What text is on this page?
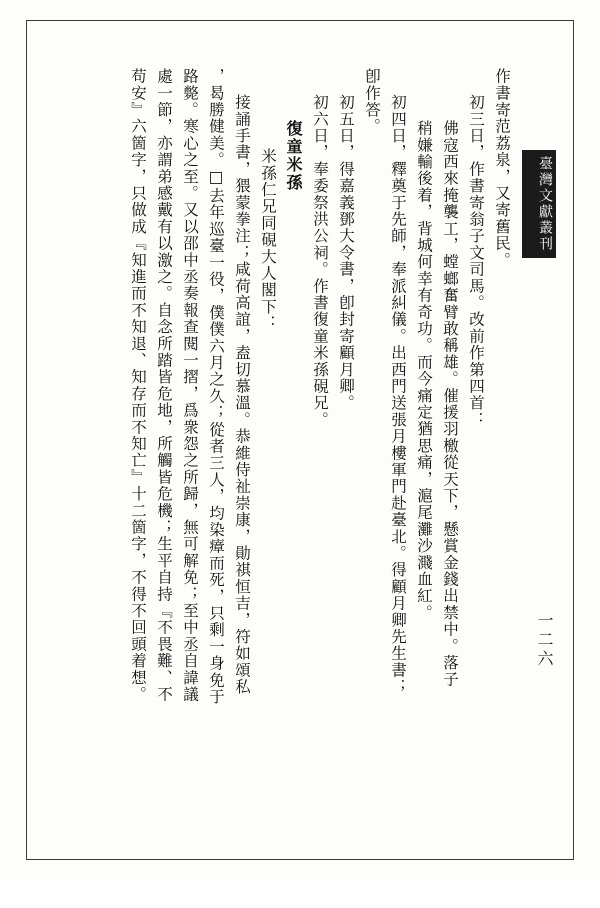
臺灣文獻叢刊
一二六
作書寄范荔泉，又寄舊民。
初三日，作書寄翁子文司馬。改前作第四首：
佛寇西來掩襲工，螳螂奮臂敢稱雄。催援羽檄從天下，懸賞金錢出禁中。落子
稍嫌輸後着，背城何幸有奇功。而今痛定猶思痛，滬尾灘沙濺血紅。
初四日，釋奠于先師，奉派糾儀。出西門送張月樓軍門赴臺北。得顧月卿先生書；
卽作答。
初五日，得嘉義鄧大令書，卽封寄顧月卿。
初六日，奉委祭洪公祠。作書復童米孫硯兄。
復童米孫
米孫仁兄同硯大人閣下：
接誦手書，猥蒙拳注；咸荷高誼，盍切慕溫。恭維侍祉崇康，勛祺恒吉，符如頌私
，曷勝健美。□去年巡臺一役，僕僕六月之久；從者三人，均染瘴而死，只剩一身免于
路斃。寒心之至。又以邵中丞奏報查閱一摺，爲衆怨之所歸，無可解免；至中丞自諱議
處一節，亦謂弟感戴有以激之。自念所踏皆危地，所觸皆危機；生平自持『不畏難、不
苟安』六箇字，只做成『知進而不知退、知存而不知亡』十二箇字，不得不回頭着想。
